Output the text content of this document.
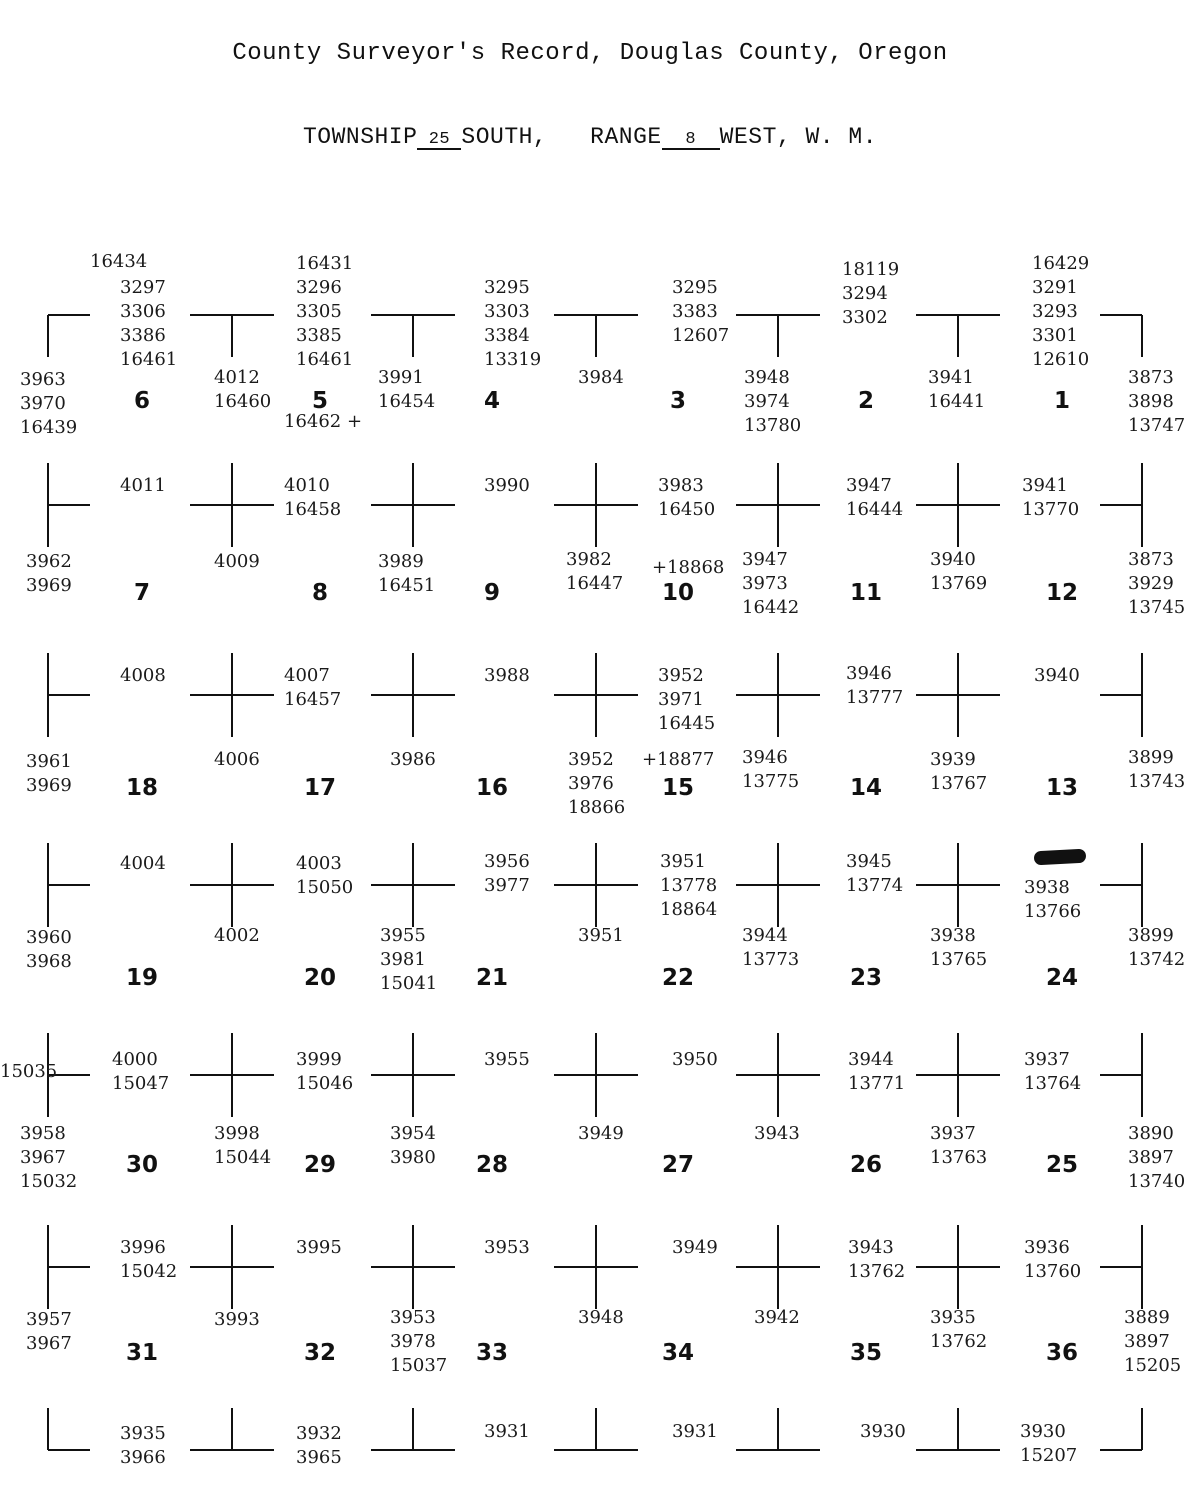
County Surveyor's Record, Douglas County, Oregon
TOWNSHIP 25 SOUTH, RANGE 8 WEST, W. M.
6	5	4	3	2	1
7	8	9	10	11	12
18	17	16	15	14	13
19	20	21	22	23	24
30	29	28	27	26	25
31	32	33	34	35	36
16434
3297
3306
3386
16461
16431
3296
3305
3385
16461
3295
3303
3384
13319
3295
3383
12607
18119
3294
3302
16429
3291
3293
3301
12610
3963
3970
16439
4012
16460
16462 +
3991
16454
3984	3948
3974
13780
3941
16441
3873
3898
13747
4011	4010
16458
3990	3983
16450
3947
16444
3941
13770
3962
3969
4009	3989
16451
3982
16447
+18868 3947
3973
16442
3940
13769
3873
3929
13745
4008	4007
16457
3988	3952
3971
16445
3946
13777
3940
3961
3969
4006	3986	3952
3976
18866
+18877 3946
13775
3939
13767
3899
13743
4004	4003
15050
3956
3977
3951
13778
18864
3945
13774	3938
13766
3960
3968
4002	3955
3981
15041
3951	3944
13773
3938
13765
3899
13742
15035
4000
15047
3999
15046
3955	3950	3944
13771
3937
13764
3958
3967
15032
3998
15044
3954
3980
3949	3943	3937
13763
3890
3897
13740
3996
15042
3995	3953	3949	3943
13762
3936
13760
3957
3967
3993	3953
3978
15037
3948	3942	3935
13762
3889
3897
15205
3935
3966
3932
3965
3931	3931	3930	3930
15207
